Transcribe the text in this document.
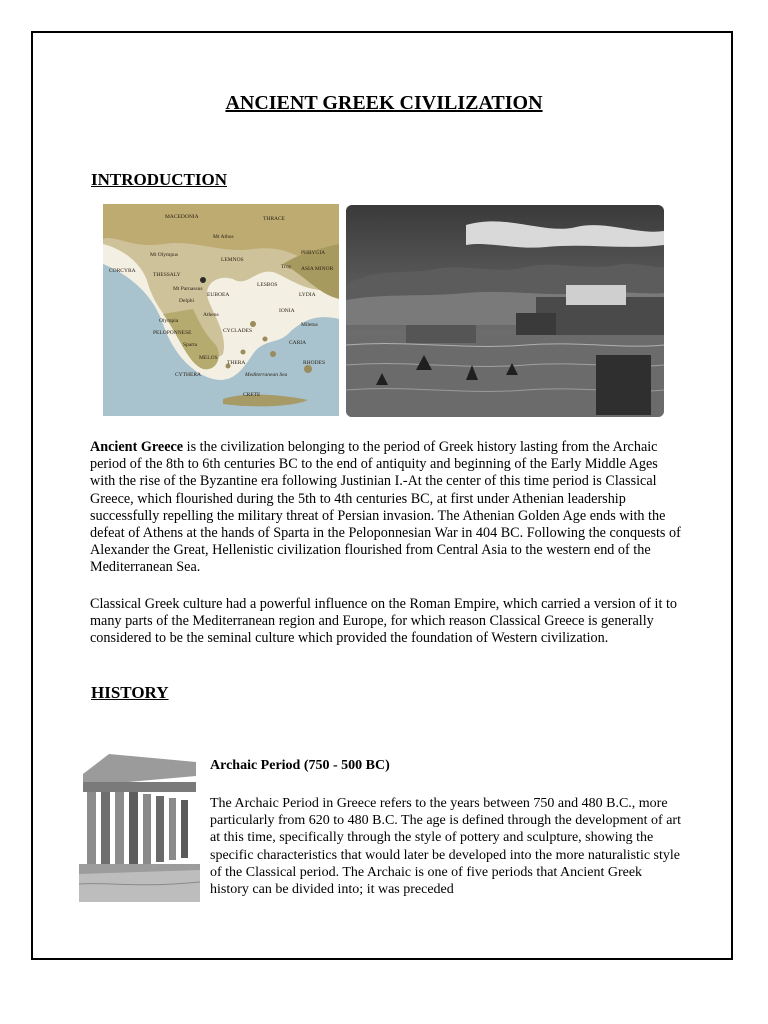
ANCIENT GREEK CIVILIZATION
INTRODUCTION
MACEDONIA	THRACE
Mt Athos
Mt Olympus
LEMNOS
PHRYGIA
Troy ASIA MINOR
THESSALY
CORCYRA
Mt Parnassus
EUBOEA
LESBOS
LYDIA
Delphi
Olympia
Athens
IONIA
Miletus
PELOPONNESE	CYCLADES
Sparta	CARIA
MELOS
THERA	RHODES
CYTHERA	Mediterranean Sea
CRETE

Ancient Greece is the civilization belonging to the period of Greek history lasting from the Archaic period of the 8th to 6th centuries BC to the end of antiquity and beginning of the Early Middle Ages with the rise of the Byzantine era following Justinian I.-At the center of this time period is Classical Greece, which flourished during the 5th to 4th centuries BC, at first under Athenian leadership successfully repelling the military threat of Persian invasion. The Athenian Golden Age ends with the defeat of Athens at the hands of Sparta in the Peloponnesian War in 404 BC. Following the conquests of Alexander the Great, Hellenistic civilization flourished from Central Asia to the western end of the Mediterranean Sea.

Classical Greek culture had a powerful influence on the Roman Empire, which carried a version of it to many parts of the Mediterranean region and Europe, for which reason Classical Greece is generally considered to be the seminal culture which provided the foundation of Western civilization.

HISTORY
Archaic Period (750 - 500 BC)

The Archaic Period in Greece refers to the years between 750 and 480 B.C., more particularly from 620 to 480 B.C. The age is defined through the development of art at this time, specifically through the style of pottery and sculpture, showing the specific characteristics that would later be developed into the more naturalistic style of the Classical period. The Archaic is one of five periods that Ancient Greek history can be divided into; it was preceded
